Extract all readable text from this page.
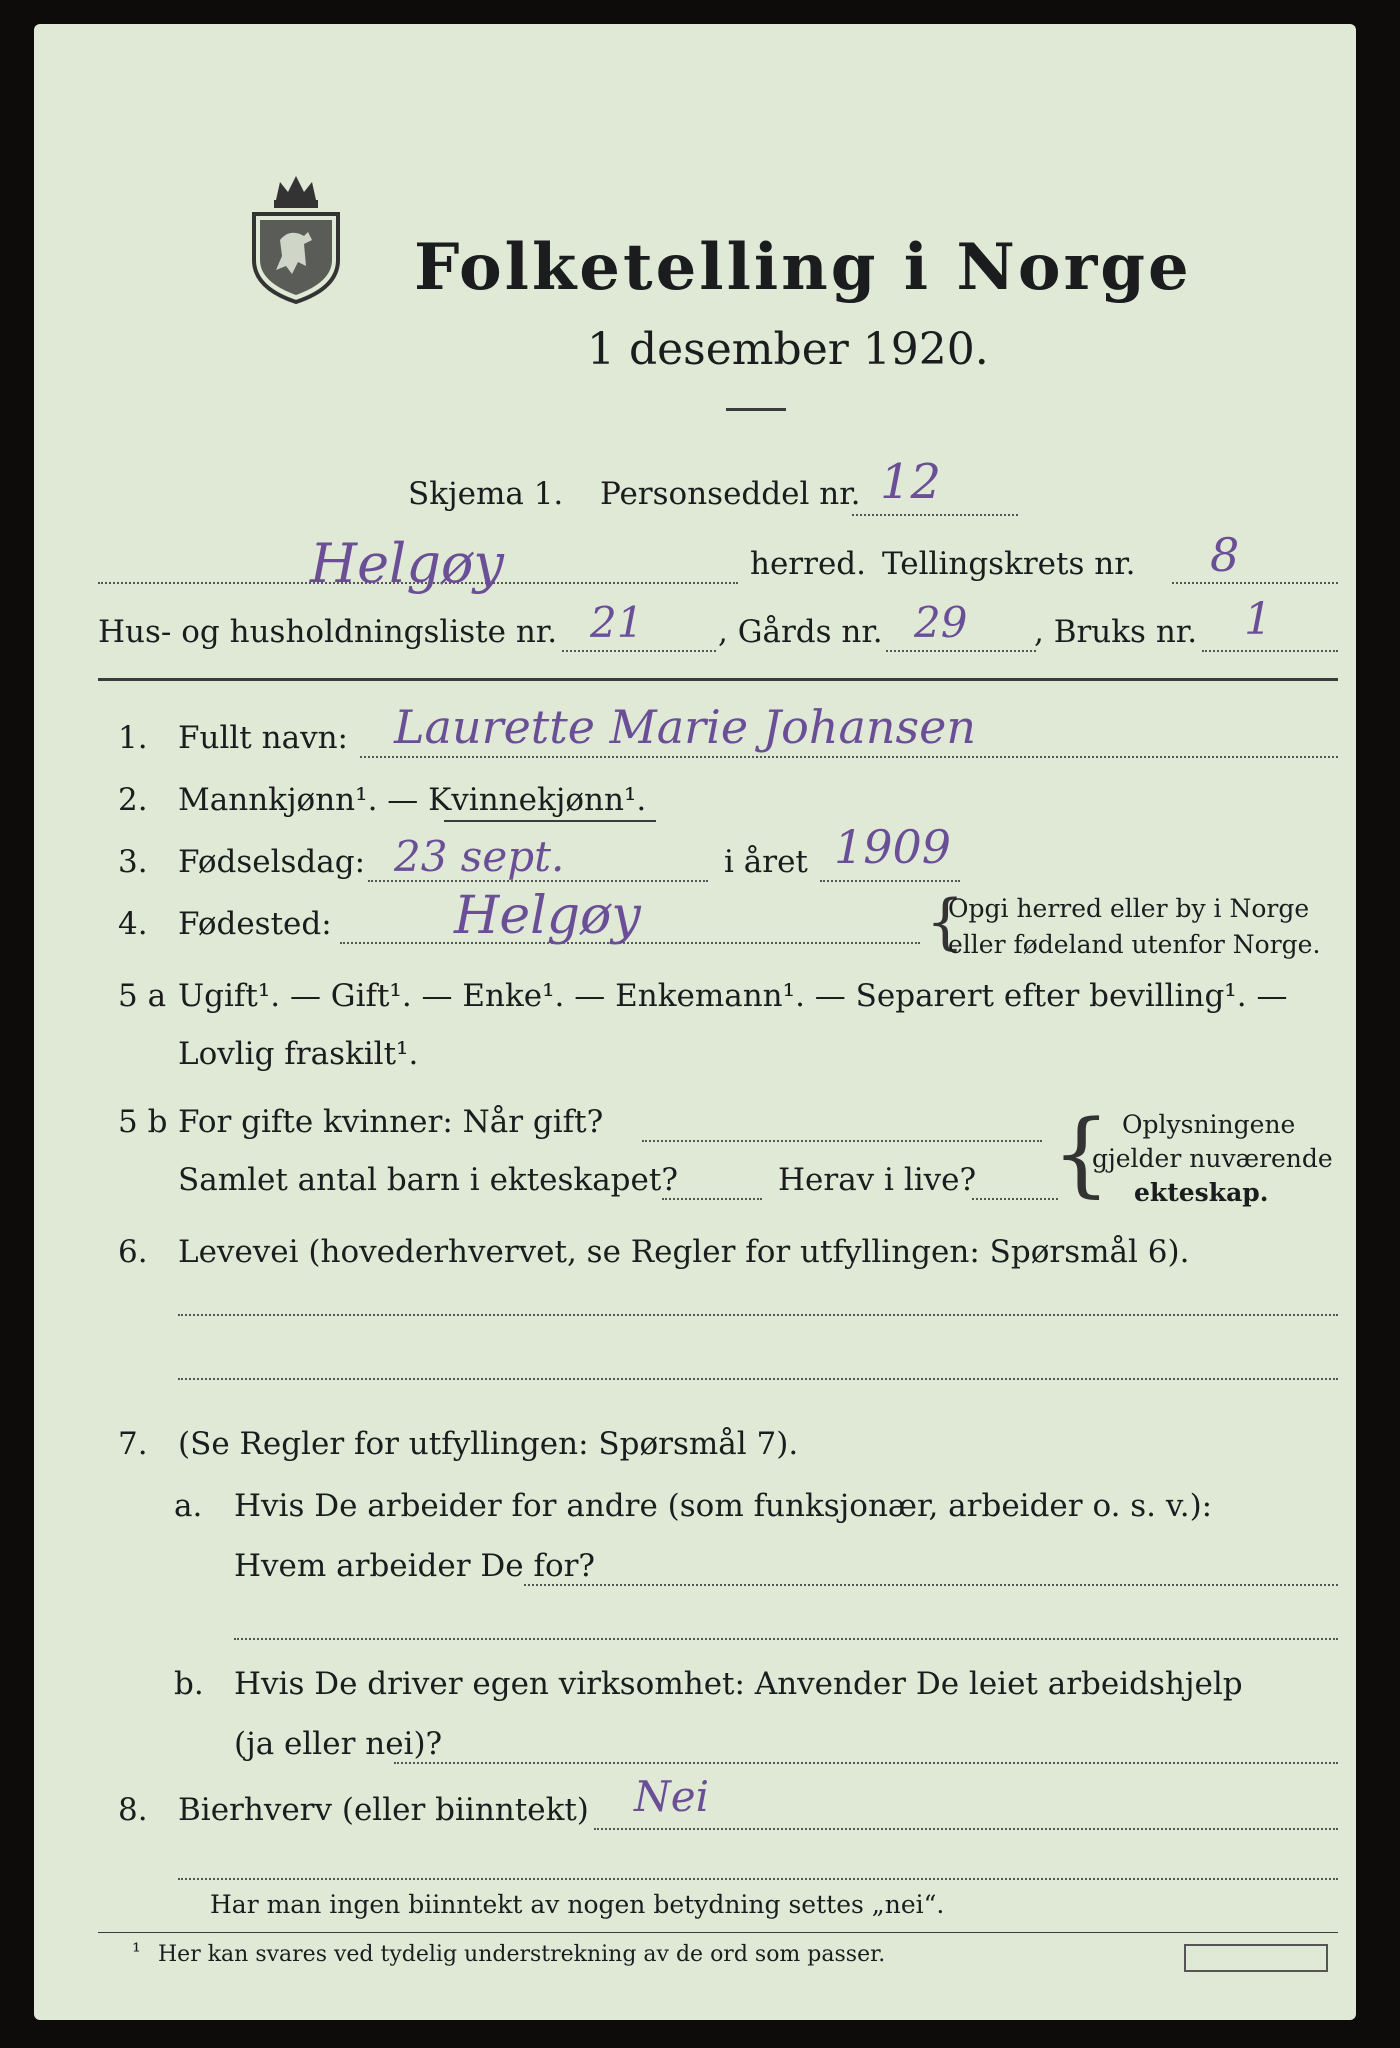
Folketelling i Norge
1 desember 1920.
Skjema 1. Personseddel nr. 12
Helgøy	herred. Tellingskrets nr. 8
Hus- og husholdningsliste nr. 21 , Gårds nr. 29 , Bruks nr. 1
1. Fullt navn: Laurette Marie Johansen
2. Mannkjønn¹. — Kvinnekjønn¹.
3. Fødselsdag: 23 sept.	i året 1909
4. Fødested: Helgøy	{
Opgi herred eller by i Norge
eller fødeland utenfor Norge.
5 a Ugift¹. — Gift¹. — Enke¹. — Enkemann¹. — Separert efter bevilling¹. —
Lovlig fraskilt¹.
5 b For gifte kvinner: Når gift?
Samlet antal barn i ekteskapet?	Herav i live? { Oplysningene
gjelder nuværende
ekteskap.
6. Levevei (hovederhvervet, se Regler for utfyllingen: Spørsmål 6).
7. (Se Regler for utfyllingen: Spørsmål 7).
a. Hvis De arbeider for andre (som funksjonær, arbeider o. s. v.):
Hvem arbeider De for?
b. Hvis De driver egen virksomhet: Anvender De leiet arbeidshjelp
(ja eller nei)?
8. Bierhverv (eller biinntekt) Nei
Har man ingen biinntekt av nogen betydning settes „nei“.
¹ Her kan svares ved tydelig understrekning av de ord som passer.
